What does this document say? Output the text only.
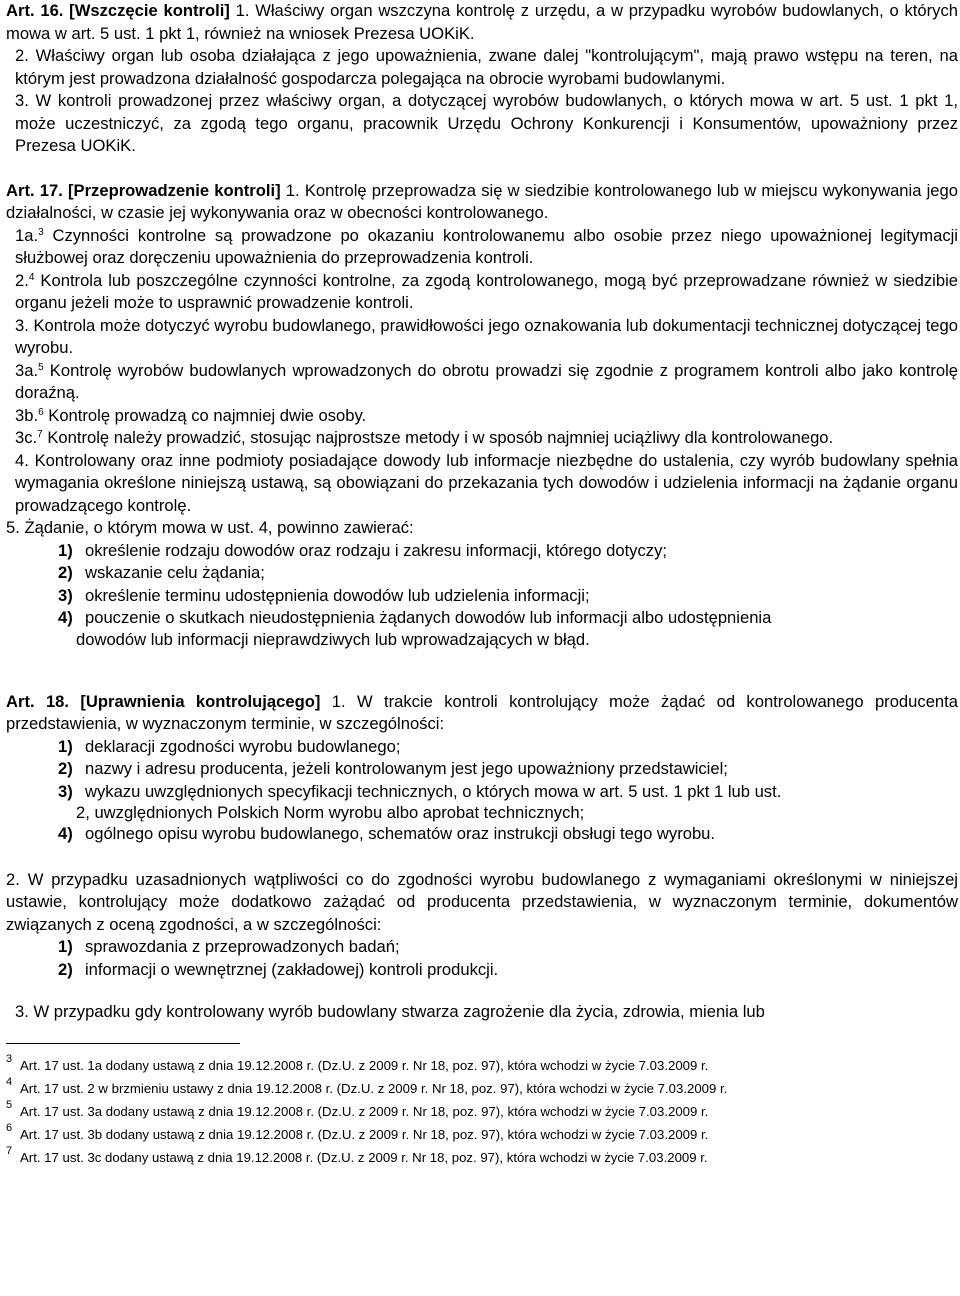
Art. 16. [Wszczęcie kontroli] 1. Właściwy organ wszczyna kontrolę z urzędu, a w przypadku wyrobów budowlanych, o których mowa w art. 5 ust. 1 pkt 1, również na wniosek Prezesa UOKiK.

2. Właściwy organ lub osoba działająca z jego upoważnienia, zwane dalej "kontrolującym", mają prawo wstępu na teren, na którym jest prowadzona działalność gospodarcza polegająca na obrocie wyrobami budowlanymi.

3. W kontroli prowadzonej przez właściwy organ, a dotyczącej wyrobów budowlanych, o których mowa w art. 5 ust. 1 pkt 1, może uczestniczyć, za zgodą tego organu, pracownik Urzędu Ochrony Konkurencji i Konsumentów, upoważniony przez Prezesa UOKiK.

Art. 17. [Przeprowadzenie kontroli] 1. Kontrolę przeprowadza się w siedzibie kontrolowanego lub w miejscu wykonywania jego działalności, w czasie jej wykonywania oraz w obecności kontrolowanego.

1a.$^3$ Czynności kontrolne są prowadzone po okazaniu kontrolowanemu albo osobie przez niego upoważnionej legitymacji służbowej oraz doręczeniu upoważnienia do przeprowadzenia kontroli.

2.$^4$ Kontrola lub poszczególne czynności kontrolne, za zgodą kontrolowanego, mogą być przeprowadzane również w siedzibie organu jeżeli może to usprawnić prowadzenie kontroli.

3. Kontrola może dotyczyć wyrobu budowlanego, prawidłowości jego oznakowania lub dokumentacji technicznej dotyczącej tego wyrobu.

3a.$^5$ Kontrolę wyrobów budowlanych wprowadzonych do obrotu prowadzi się zgodnie z programem kontroli albo jako kontrolę doraźną.

3b.$^6$ Kontrolę prowadzą co najmniej dwie osoby.

3c.$^7$ Kontrolę należy prowadzić, stosując najprostsze metody i w sposób najmniej uciążliwy dla kontrolowanego.

4. Kontrolowany oraz inne podmioty posiadające dowody lub informacje niezbędne do ustalenia, czy wyrób budowlany spełnia wymagania określone niniejszą ustawą, są obowiązani do przekazania tych dowodów i udzielenia informacji na żądanie organu prowadzącego kontrolę.

5. Żądanie, o którym mowa w ust. 4, powinno zawierać:

1) określenie rodzaju dowodów oraz rodzaju i zakresu informacji, którego dotyczy;
2) wskazanie celu żądania;
3) określenie terminu udostępnienia dowodów lub udzielenia informacji;
4) pouczenie o skutkach nieudostępnienia żądanych dowodów lub informacji albo udostępnienia
dowodów lub informacji nieprawdziwych lub wprowadzających w błąd.

Art. 18. [Uprawnienia kontrolującego] 1. W trakcie kontroli kontrolujący może żądać od kontrolowanego producenta przedstawienia, w wyznaczonym terminie, w szczególności:

1) deklaracji zgodności wyrobu budowlanego;
2) nazwy i adresu producenta, jeżeli kontrolowanym jest jego upoważniony przedstawiciel;
3) wykazu uwzględnionych specyfikacji technicznych, o których mowa w art. 5 ust. 1 pkt 1 lub ust.
2, uwzględnionych Polskich Norm wyrobu albo aprobat technicznych;
4) ogólnego opisu wyrobu budowlanego, schematów oraz instrukcji obsługi tego wyrobu.

2. W przypadku uzasadnionych wątpliwości co do zgodności wyrobu budowlanego z wymaganiami określonymi w niniejszej ustawie, kontrolujący może dodatkowo zażądać od producenta przedstawienia, w wyznaczonym terminie, dokumentów związanych z oceną zgodności, a w szczególności:

1) sprawozdania z przeprowadzonych badań;
2) informacji o wewnętrznej (zakładowej) kontroli produkcji.

3. W przypadku gdy kontrolowany wyrób budowlany stwarza zagrożenie dla życia, zdrowia, mienia lub

3 Art. 17 ust. 1a dodany ustawą z dnia 19.12.2008 r. (Dz.U. z 2009 r. Nr 18, poz. 97), która wchodzi w życie 7.03.2009 r.
4 Art. 17 ust. 2 w brzmieniu ustawy z dnia 19.12.2008 r. (Dz.U. z 2009 r. Nr 18, poz. 97), która wchodzi w życie 7.03.2009 r.
5 Art. 17 ust. 3a dodany ustawą z dnia 19.12.2008 r. (Dz.U. z 2009 r. Nr 18, poz. 97), która wchodzi w życie 7.03.2009 r.
6 Art. 17 ust. 3b dodany ustawą z dnia 19.12.2008 r. (Dz.U. z 2009 r. Nr 18, poz. 97), która wchodzi w życie 7.03.2009 r.
7 Art. 17 ust. 3c dodany ustawą z dnia 19.12.2008 r. (Dz.U. z 2009 r. Nr 18, poz. 97), która wchodzi w życie 7.03.2009 r.
